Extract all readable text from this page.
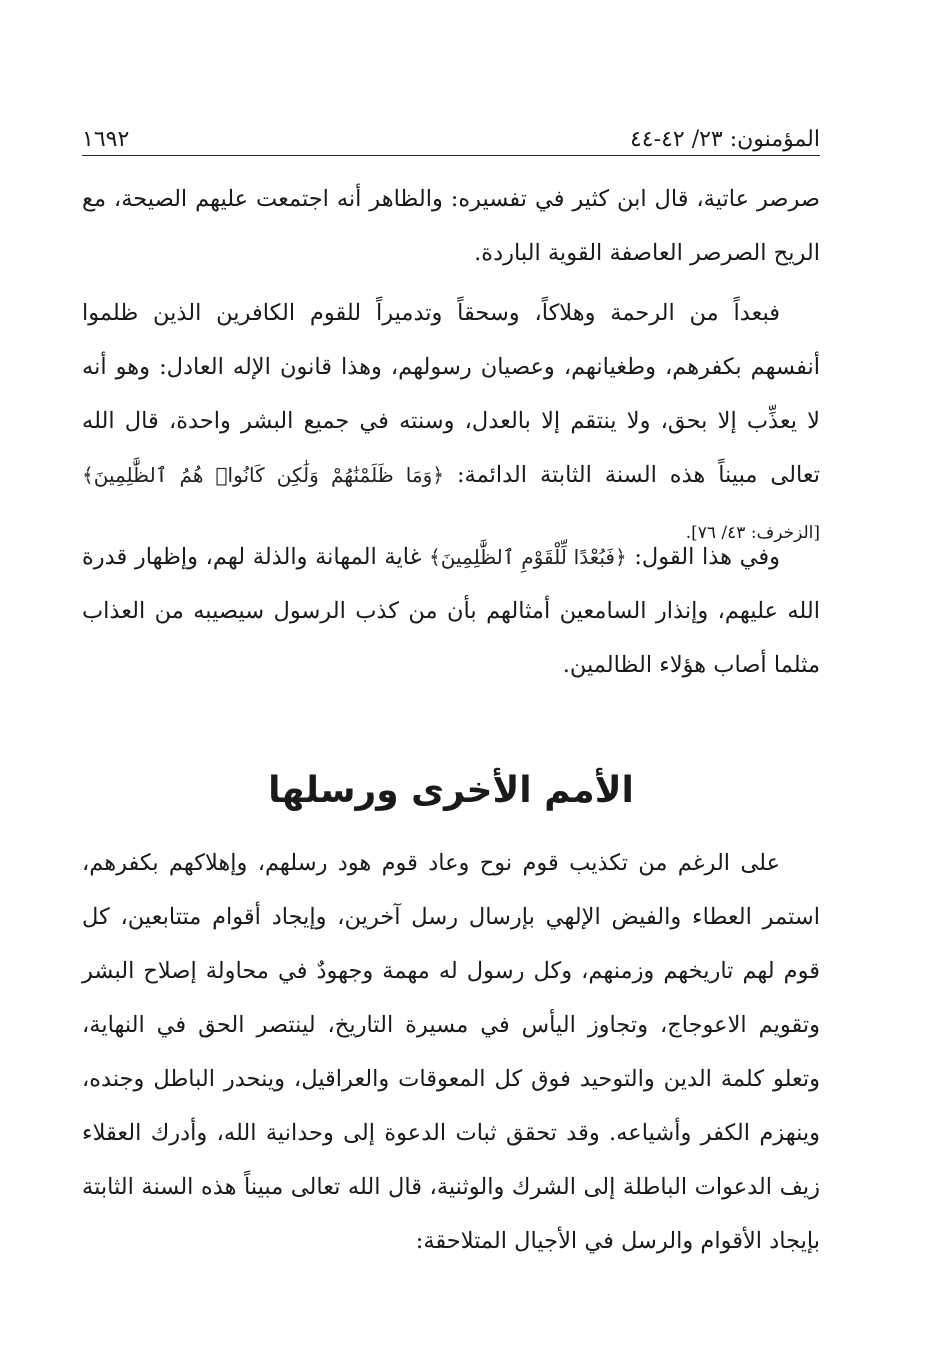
المؤمنون: ٢٣/ ٤٢-٤٤
١٦٩٢

صرصر عاتية، قال ابن كثير في تفسيره: والظاهر أنه اجتمعت عليهم الصيحة، مع الريح الصرصر العاصفة القوية الباردة.

فبعداً من الرحمة وهلاكاً، وسحقاً وتدميراً للقوم الكافرين الذين ظلموا أنفسهم بكفرهم، وطغيانهم، وعصيان رسولهم، وهذا قانون الإله العادل: وهو أنه لا يعذِّب إلا بحق، ولا ينتقم إلا بالعدل، وسنته في جميع البشر واحدة، قال الله تعالى مبيناً هذه السنة الثابتة الدائمة: ﴿وَمَا ظَلَمْنَٰهُمْ وَلَٰكِن كَانُوا۟ هُمُ ٱلظَّٰلِمِينَ﴾ [الزخرف: ٤٣/ ٧٦].

وفي هذا القول: ﴿فَبُعْدًا لِّلْقَوْمِ ٱلظَّٰلِمِينَ﴾ غاية المهانة والذلة لهم، وإظهار قدرة الله عليهم، وإنذار السامعين أمثالهم بأن من كذب الرسول سيصيبه من العذاب مثلما أصاب هؤلاء الظالمين.

الأمم الأخرى ورسلها

على الرغم من تكذيب قوم نوح وعاد قوم هود رسلهم، وإهلاكهم بكفرهم، استمر العطاء والفيض الإلهي بإرسال رسل آخرين، وإيجاد أقوام متتابعين، كل قوم لهم تاريخهم وزمنهم، وكل رسول له مهمة وجهودٌ في محاولة إصلاح البشر وتقويم الاعوجاج، وتجاوز اليأس في مسيرة التاريخ، لينتصر الحق في النهاية، وتعلو كلمة الدين والتوحيد فوق كل المعوقات والعراقيل، وينحدر الباطل وجنده، وينهزم الكفر وأشياعه. وقد تحقق ثبات الدعوة إلى وحدانية الله، وأدرك العقلاء زيف الدعوات الباطلة إلى الشرك والوثنية، قال الله تعالى مبيناً هذه السنة الثابتة بإيجاد الأقوام والرسل في الأجيال المتلاحقة:
